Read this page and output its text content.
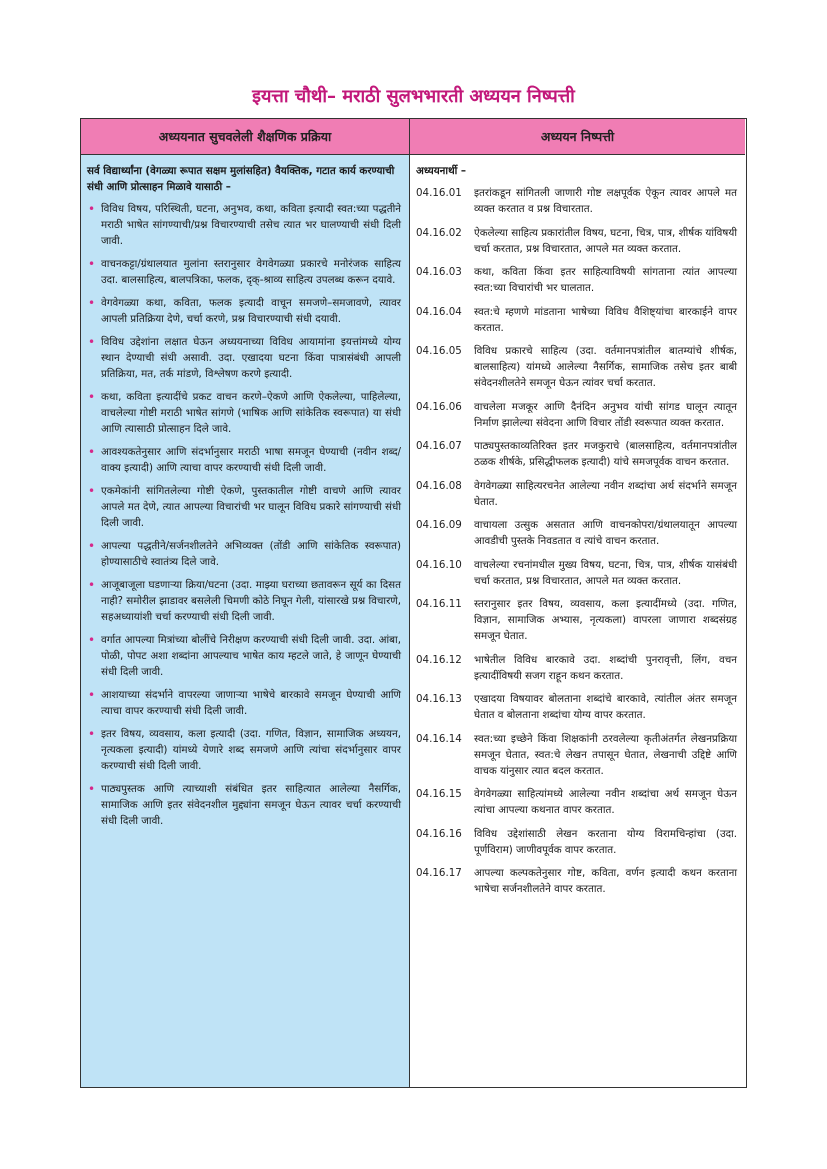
इयत्ता चौथी– मराठी सुलभभारती अध्ययन निष्पत्ती
अध्ययनात सुचवलेली शैक्षणिक प्रक्रिया	अध्ययन निष्पत्ती
सर्व विद्यार्थ्यांना (वेगळ्या रूपात सक्षम मुलांसहित) वैयक्तिक, गटात कार्य करण्याची संधी आणि प्रोत्साहन मिळावे यासाठी –
• विविध विषय, परिस्थिती, घटना, अनुभव, कथा, कविता इत्यादी स्वत:च्या पद्धतीने मराठी भाषेत सांगण्याची/प्रश्न विचारण्याची तसेच त्यात भर घालण्याची संधी दिली जावी.
• वाचनकट्टा/ग्रंथालयात मुलांना स्तरानुसार वेगवेगळ्या प्रकारचे मनोरंजक साहित्य उदा. बालसाहित्य, बालपत्रिका, फलक, दृक्-श्राव्य साहित्य उपलब्ध करून दयावे.
• वेगवेगळ्या कथा, कविता, फलक इत्यादी वाचून समजणे–समजावणे, त्यावर आपली प्रतिक्रिया देणे, चर्चा करणे, प्रश्न विचारण्याची संधी दयावी.
• विविध उद्देशांना लक्षात घेऊन अध्ययनाच्या विविध आयामांना इयत्तांमध्ये योग्य स्थान देण्याची संधी असावी. उदा. एखादया घटना किंवा पात्रासंबंधी आपली प्रतिक्रिया, मत, तर्क मांडणे, विश्लेषण करणे इत्यादी.
• कथा, कविता इत्यादींचे प्रकट वाचन करणे–ऐकणे आणि ऐकलेल्या, पाहिलेल्या, वाचलेल्या गोष्टी मराठी भाषेत सांगणे (भाषिक आणि सांकेतिक स्वरूपात) या संधी आणि त्यासाठी प्रोत्साहन दिले जावे.
• आवश्यकतेनुसार आणि संदर्भानुसार मराठी भाषा समजून घेण्याची (नवीन शब्द/वाक्य इत्यादी) आणि त्याचा वापर करण्याची संधी दिली जावी.
• एकमेकांनी सांगितलेल्या गोष्टी ऐकणे, पुस्तकातील गोष्टी वाचणे आणि त्यावर आपले मत देणे, त्यात आपल्या विचारांची भर घालून विविध प्रकारे सांगण्याची संधी दिली जावी.
• आपल्या पद्धतीने/सर्जनशीलतेने अभिव्यक्त (तोंडी आणि सांकेतिक स्वरूपात) होण्यासाठीचे स्वातंत्र्य दिले जावे.
• आजूबाजूला घडणाऱ्या क्रिया/घटना (उदा. माझ्या घराच्या छतावरून सूर्य का दिसत नाही? समोरील झाडावर बसलेली चिमणी कोठे निघून गेली, यांसारखे प्रश्न विचारणे, सहअध्यायांशी चर्चा करण्याची संधी दिली जावी.
• वर्गात आपल्या मित्रांच्या बोलींचे निरीक्षण करण्याची संधी दिली जावी. उदा. आंबा, पोळी, पोपट अशा शब्दांना आपल्याच भाषेत काय म्हटले जाते, हे जाणून घेण्याची संधी दिली जावी.
• आशयाच्या संदर्भाने वापरल्या जाणाऱ्या भाषेचे बारकावे समजून घेण्याची आणि त्याचा वापर करण्याची संधी दिली जावी.
• इतर विषय, व्यवसाय, कला इत्यादी (उदा. गणित, विज्ञान, सामाजिक अध्ययन, नृत्यकला इत्यादी) यांमध्ये येणारे शब्द समजणे आणि त्यांचा संदर्भानुसार वापर करण्याची संधी दिली जावी.
• पाठ्यपुस्तक आणि त्याच्याशी संबंधित इतर साहित्यात आलेल्या नैसर्गिक, सामाजिक आणि इतर संवेदनशील मुद्द्यांना समजून घेऊन त्यावर चर्चा करण्याची संधी दिली जावी.
अध्ययनार्थी –
04.16.01	इतरांकडून सांगितली जाणारी गोष्ट लक्षपूर्वक ऐकून त्यावर आपले मत व्यक्त करतात व प्रश्न विचारतात.
04.16.02	ऐकलेल्या साहित्य प्रकारांतील विषय, घटना, चित्र, पात्र, शीर्षक यांविषयी चर्चा करतात, प्रश्न विचारतात, आपले मत व्यक्त करतात.
04.16.03	कथा, कविता किंवा इतर साहित्याविषयी सांगताना त्यांत आपल्या स्वत:च्या विचारांची भर घालतात.
04.16.04	स्वत:चे म्हणणे मांडताना भाषेच्या विविध वैशिष्ट्यांचा बारकाईने वापर करतात.
04.16.05	विविध प्रकारचे साहित्य (उदा. वर्तमानपत्रांतील बातम्यांचे शीर्षक, बालसाहित्य) यांमध्ये आलेल्या नैसर्गिक, सामाजिक तसेच इतर बाबी संवेदनशीलतेने समजून घेऊन त्यांवर चर्चा करतात.
04.16.06	वाचलेला मजकूर आणि दैनंदिन अनुभव यांची सांगड घालून त्यातून निर्माण झालेल्या संवेदना आणि विचार तोंडी स्वरूपात व्यक्त करतात.
04.16.07	पाठ्यपुस्तकाव्यतिरिक्त इतर मजकुराचे (बालसाहित्य, वर्तमानपत्रांतील ठळक शीर्षके, प्रसिद्धीफलक इत्यादी) यांचे समजपूर्वक वाचन करतात.
04.16.08	वेगवेगळ्या साहित्यरचनेत आलेल्या नवीन शब्दांचा अर्थ संदर्भाने समजून घेतात.
04.16.09	वाचायला उत्सुक असतात आणि वाचनकोपरा/ग्रंथालयातून आपल्या आवडीची पुस्तके निवडतात व त्यांचे वाचन करतात.
04.16.10	वाचलेल्या रचनांमधील मुख्य विषय, घटना, चित्र, पात्र, शीर्षक यासंबंधी चर्चा करतात, प्रश्न विचारतात, आपले मत व्यक्त करतात.
04.16.11	स्तरानुसार इतर विषय, व्यवसाय, कला इत्यादींमध्ये (उदा. गणित, विज्ञान, सामाजिक अभ्यास, नृत्यकला) वापरला जाणारा शब्दसंग्रह समजून घेतात.
04.16.12	भाषेतील विविध बारकावे उदा. शब्दांची पुनरावृत्ती, लिंग, वचन इत्यादींविषयी सजग राहून कथन करतात.
04.16.13	एखादया विषयावर बोलताना शब्दांचे बारकावे, त्यांतील अंतर समजून घेतात व बोलताना शब्दांचा योग्य वापर करतात.
04.16.14	स्वत:च्या इच्छेने किंवा शिक्षकांनी ठरवलेल्या कृतीअंतर्गत लेखनप्रक्रिया समजून घेतात, स्वत:चे लेखन तपासून घेतात, लेखनाची उद्दिष्टे आणि वाचक यांनुसार त्यात बदल करतात.
04.16.15	वेगवेगळ्या साहित्यांमध्ये आलेल्या नवीन शब्दांचा अर्थ समजून घेऊन त्यांचा आपल्या कथनात वापर करतात.
04.16.16	विविध उद्देशांसाठी लेखन करताना योग्य विरामचिन्हांचा (उदा. पूर्णविराम) जाणीवपूर्वक वापर करतात.
04.16.17	आपल्या कल्पकतेनुसार गोष्ट, कविता, वर्णन इत्यादी कथन करताना भाषेचा सर्जनशीलतेने वापर करतात.
